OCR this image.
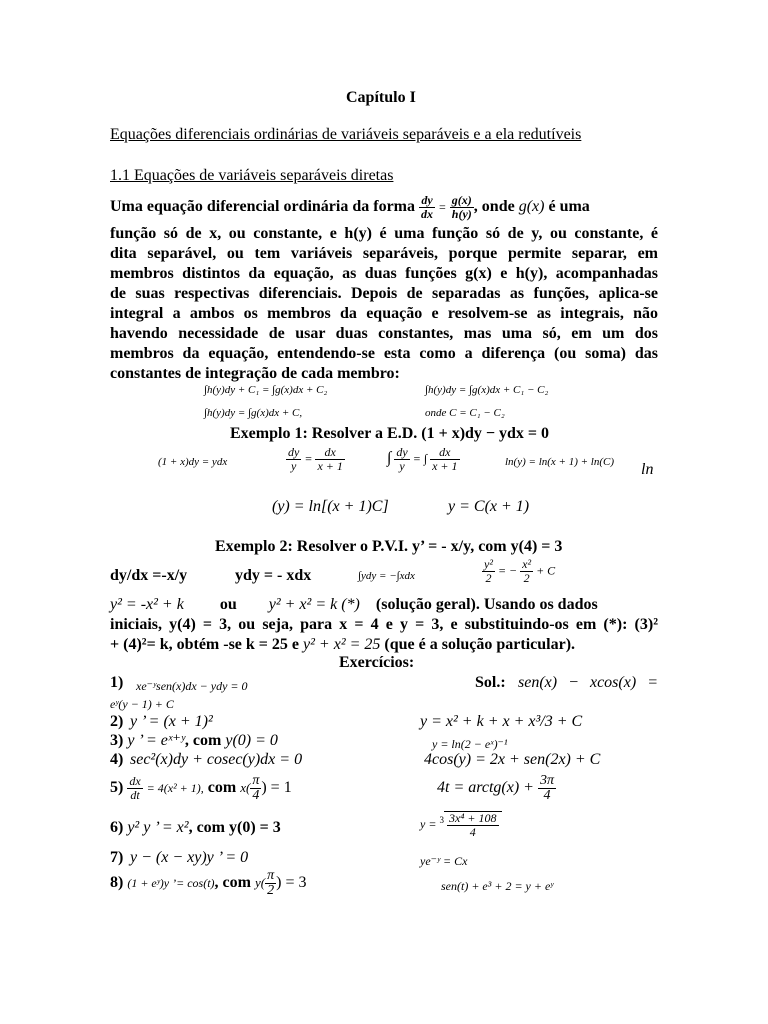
Capítulo I
Equações diferenciais ordinárias de variáveis separáveis e a ela redutíveis
1.1 Equações de variáveis separáveis diretas
Uma equação diferencial ordinária da forma $\frac{dy}{dx} = \frac{g(x)}{h(y)}$ , onde g(x) é uma
função só de x, ou constante, e h(y) é uma função só de y, ou constante, é
dita separável, ou tem variáveis separáveis, porque permite separar, em
membros distintos da equação, as duas funções g(x) e h(y), acompanhadas
de suas respectivas diferenciais. Depois de separadas as funções, aplica-se
integral a ambos os membros da equação e resolvem-se as integrais, não
havendo necessidade de usar duas constantes, mas uma só, em um dos
membros da equação, entendendo-se esta como a diferença (ou soma) das
constantes de integração de cada membro:
∫h(y)dy + C₁ = ∫g(x)dx + C₂	∫h(y)dy = ∫g(x)dx + C₁ − C₂
∫h(y)dy = ∫g(x)dx + C,	onde C = C₁ − C₂
Exemplo 1: Resolver a E.D. (1 + x)dy − ydx = 0
(1 + x)dy = ydx	$\frac{dy}{y} = \frac{dx}{x + 1}$	∫ $\frac{dy}{y}$ = ∫ $\frac{dx}{x + 1}$	ln(y) = ln(x + 1) + ln(C) ln
(y) = ln[(x + 1)C]	y = C(x + 1)
Exemplo 2: Resolver o P.V.I. y’ = - x/y, com y(4) = 3
dy/dx =-x/y	ydy = - xdx	∫ydy = −∫xdx	$\frac{\text{y²}}{2}$ = − $\frac{\text{x²}}{2} + C$
y² = -x² + k ou y² + x² = k (*) (solução geral). Usando os dados
iniciais, y(4) = 3, ou seja, para x = 4 e y = 3, e substituindo-os em (*): (3)²
+ (4)²= k, obtém -se k = 25 e y² + x² = 25 (que é a solução particular).
Exercícios:
1) xe⁻ʸsen(x)dx − ydy = 0	Sol.: sen(x) − xcos(x) =
eʸ(y − 1) + C
2) y ’ = (x + 1)²	y = x² + k + x + x³/3 + C
3) y ’ = eˣ⁺ʸ, com y(0) = 0	y = ln(2 − eˣ)⁻¹
4) sec²(x)dy + cosec(y)dx = 0	4cos(y) = 2x + sen(2x) + C
$5) \frac{dx}{dt} = 4(x^2 + 1)$, com $x( \frac{\pi}{4}$ ) = 1	4t = arctg(x) + $\frac{3\pi}{4}$
6) y² y ’ = x², com y(0) = 3	$y = ^3 \frac{\text{3x⁴ + 108}}{4}$
7) y − (x − xy)y ’ = 0	ye⁻ʸ = Cx
8) (1 + eʸ)y ’= cos(t), com $y( \frac{\pi}{2}$ ) = 3	sen(t) + e³ + 2 = y + eʸ
